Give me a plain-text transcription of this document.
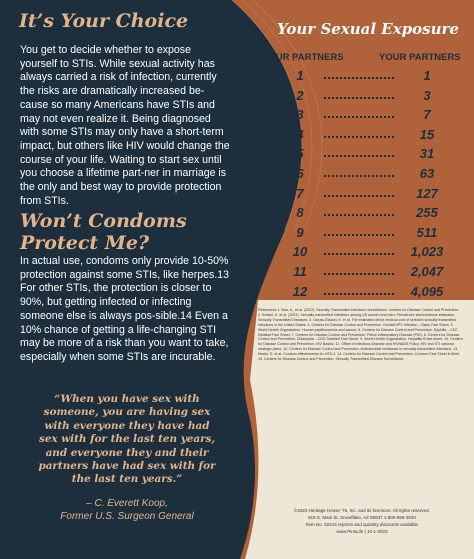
It’s Your Choice

You get to decide whether to expose yourself to STIs. While sexual activity has always carried a risk of infection, currently the risks are dramatically increased be-cause so many Americans have STIs and may not even realize it. Being diagnosed with some STIs may only have a short-term impact, but others like HIV would change the course of your life. Waiting to start sex until you choose a lifetime part-ner in marriage is the only and best way to provide protection from STIs.

Won’t Condoms Protect Me?

In actual use, condoms only provide 10-50% protection against some STIs, like herpes.13 For other STIs, the protection is closer to 90%, but getting infected or infecting someone else is always pos-sible.14 Even a 10% chance of getting a life-changing STI may be more of a risk than you want to take, especially when some STIs are incurable.

“When you have sex with someone, you are having sex with everyone they have had sex with for the last ten years, and everyone they and their partners have had sex with for the last ten years.”

– C. Everett Koop,
Former U.S. Surgeon General
Your Sexual Exposure
YOUR PARTNERS	YOUR PARTNERS
1	1
2	3
3	7
4	15
5	31
6	63
7	127
8	255
9	511
10	1,023
11	2,047
12	4,095

References 1. Barr, A., et al. (2022). Sexually Transmitted Infections Surveillance. Centers for Disease Control and Prevention. 2. Kreisel, K. et al. (2021). Sexually transmitted infections among US women and men: Prevalence and incidence estimates. Sexually Transmitted Diseases. 3. Owusu-Edusei, K. et al. The estimated direct medical cost of selected sexually transmitted infections in the United States. 4. Centers for Disease Control and Prevention. Genital HPV Infection – Basic Fact Sheet. 5. World Health Organization. Human papillomavirus and cancer. 6. Centers for Disease Control and Prevention. Syphilis – CDC Detailed Fact Sheet. 7. Centers for Disease Control and Prevention. Pelvic Inflammatory Disease (PID). 8. Centers for Disease Control and Prevention. Chlamydia – CDC Detailed Fact Sheet. 9. World Health Organization. Hepatitis B fact sheet. 10. Centers for Disease Control and Prevention. HIV Basics. 11. Office of Infectious Disease and HIV/AIDS Policy. HIV and STI national strategic plans. 12. Centers for Disease Control and Prevention. Antimicrobial resistance in sexually transmitted infections. 13. Martin, E. et al. Condom effectiveness for HSV-2. 14. Centers for Disease Control and Prevention. Condom Fact Sheet in Brief. 15. Centers for Disease Control and Prevention. Sexually Transmitted Disease Surveillance.

©2023 Heritage House ’76, Inc. and its licensors. All rights reserved.
919 S. Main St. Snowflake, AZ 85937 1-800-858-3040
Item No. 92215 reprints and quantity discounts available
www.PinsLife | 10-1-2023
